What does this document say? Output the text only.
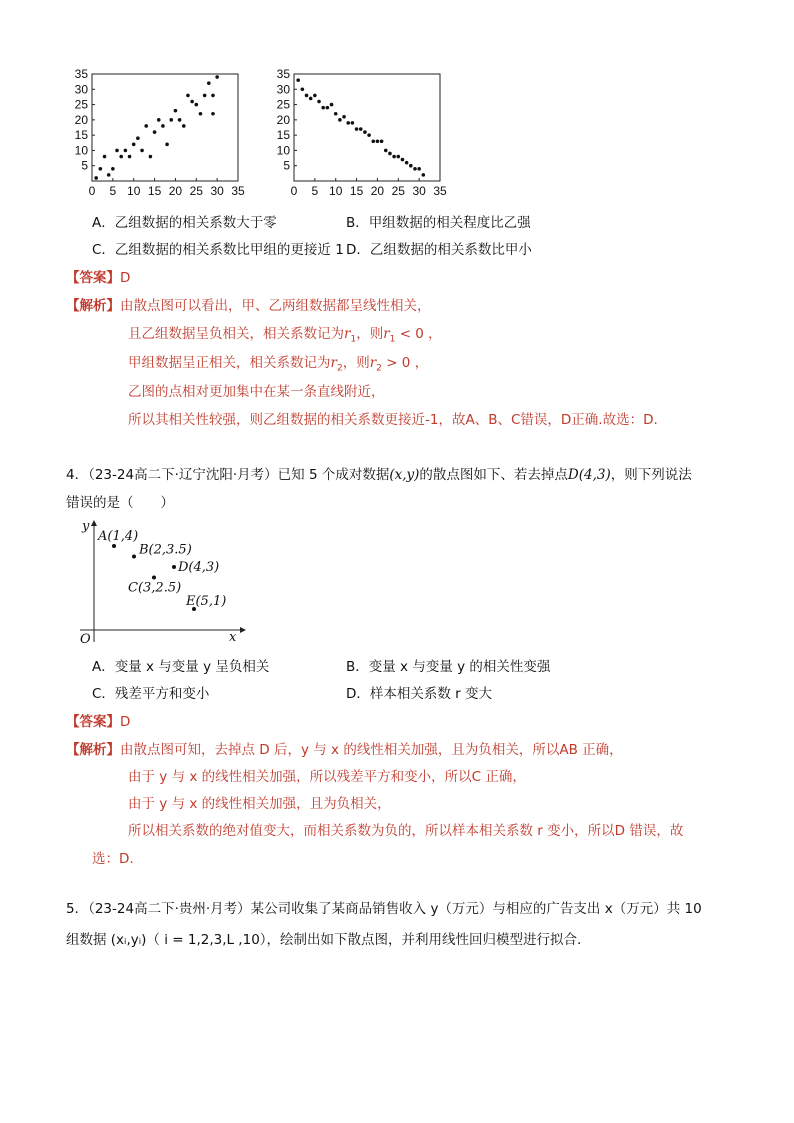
0 5 10 15 20 25 30 35
5
10
15
20
25
30
35
0 5 10 15 20 25 30 35
5
10
15
20
25
30
35
A．乙组数据的相关系数大于零	B．甲组数据的相关程度比乙强
C．乙组数据的相关系数比甲组的更接近 1 D．乙组数据的相关系数比甲小
【答案】D
【解析】由散点图可以看出，甲、乙两组数据都呈线性相关，
且乙组数据呈负相关，相关系数记为$r_1$，则$r_1 < 0$ ，
甲组数据呈正相关，相关系数记为$r_2$，则$r_2 > 0$ ，
乙图的点相对更加集中在某一条直线附近，
所以其相关性较强，则乙组数据的相关系数更接近-1，故A、B、C错误，D正确.故选：D.
4．（23-24高二下·辽宁沈阳·月考）已知 5 个成对数据(x,y)的散点图如下、若去掉点D(4,3)，则下列说法
错误的是（　　）
x
y
O
A(1,4)
B(2,3.5)
C(3,2.5)
D(4,3)
E(5,1)
A．变量 x 与变量 y 呈负相关	B．变量 x 与变量 y 的相关性变强
C．残差平方和变小	D．样本相关系数 r 变大
【答案】D
【解析】由散点图可知，去掉点 D 后，y 与 x 的线性相关加强，且为负相关，所以AB 正确，
由于 y 与 x 的线性相关加强，所以残差平方和变小，所以C 正确，
由于 y 与 x 的线性相关加强，且为负相关，
所以相关系数的绝对值变大，而相关系数为负的，所以样本相关系数 r 变小，所以D 错误，故
选：D.
5．（23-24高二下·贵州·月考）某公司收集了某商品销售收入 y（万元）与相应的广告支出 x（万元）共 10
组数据 (xᵢ,yᵢ)（ i = 1,2,3,L ,10），绘制出如下散点图，并利用线性回归模型进行拟合.
